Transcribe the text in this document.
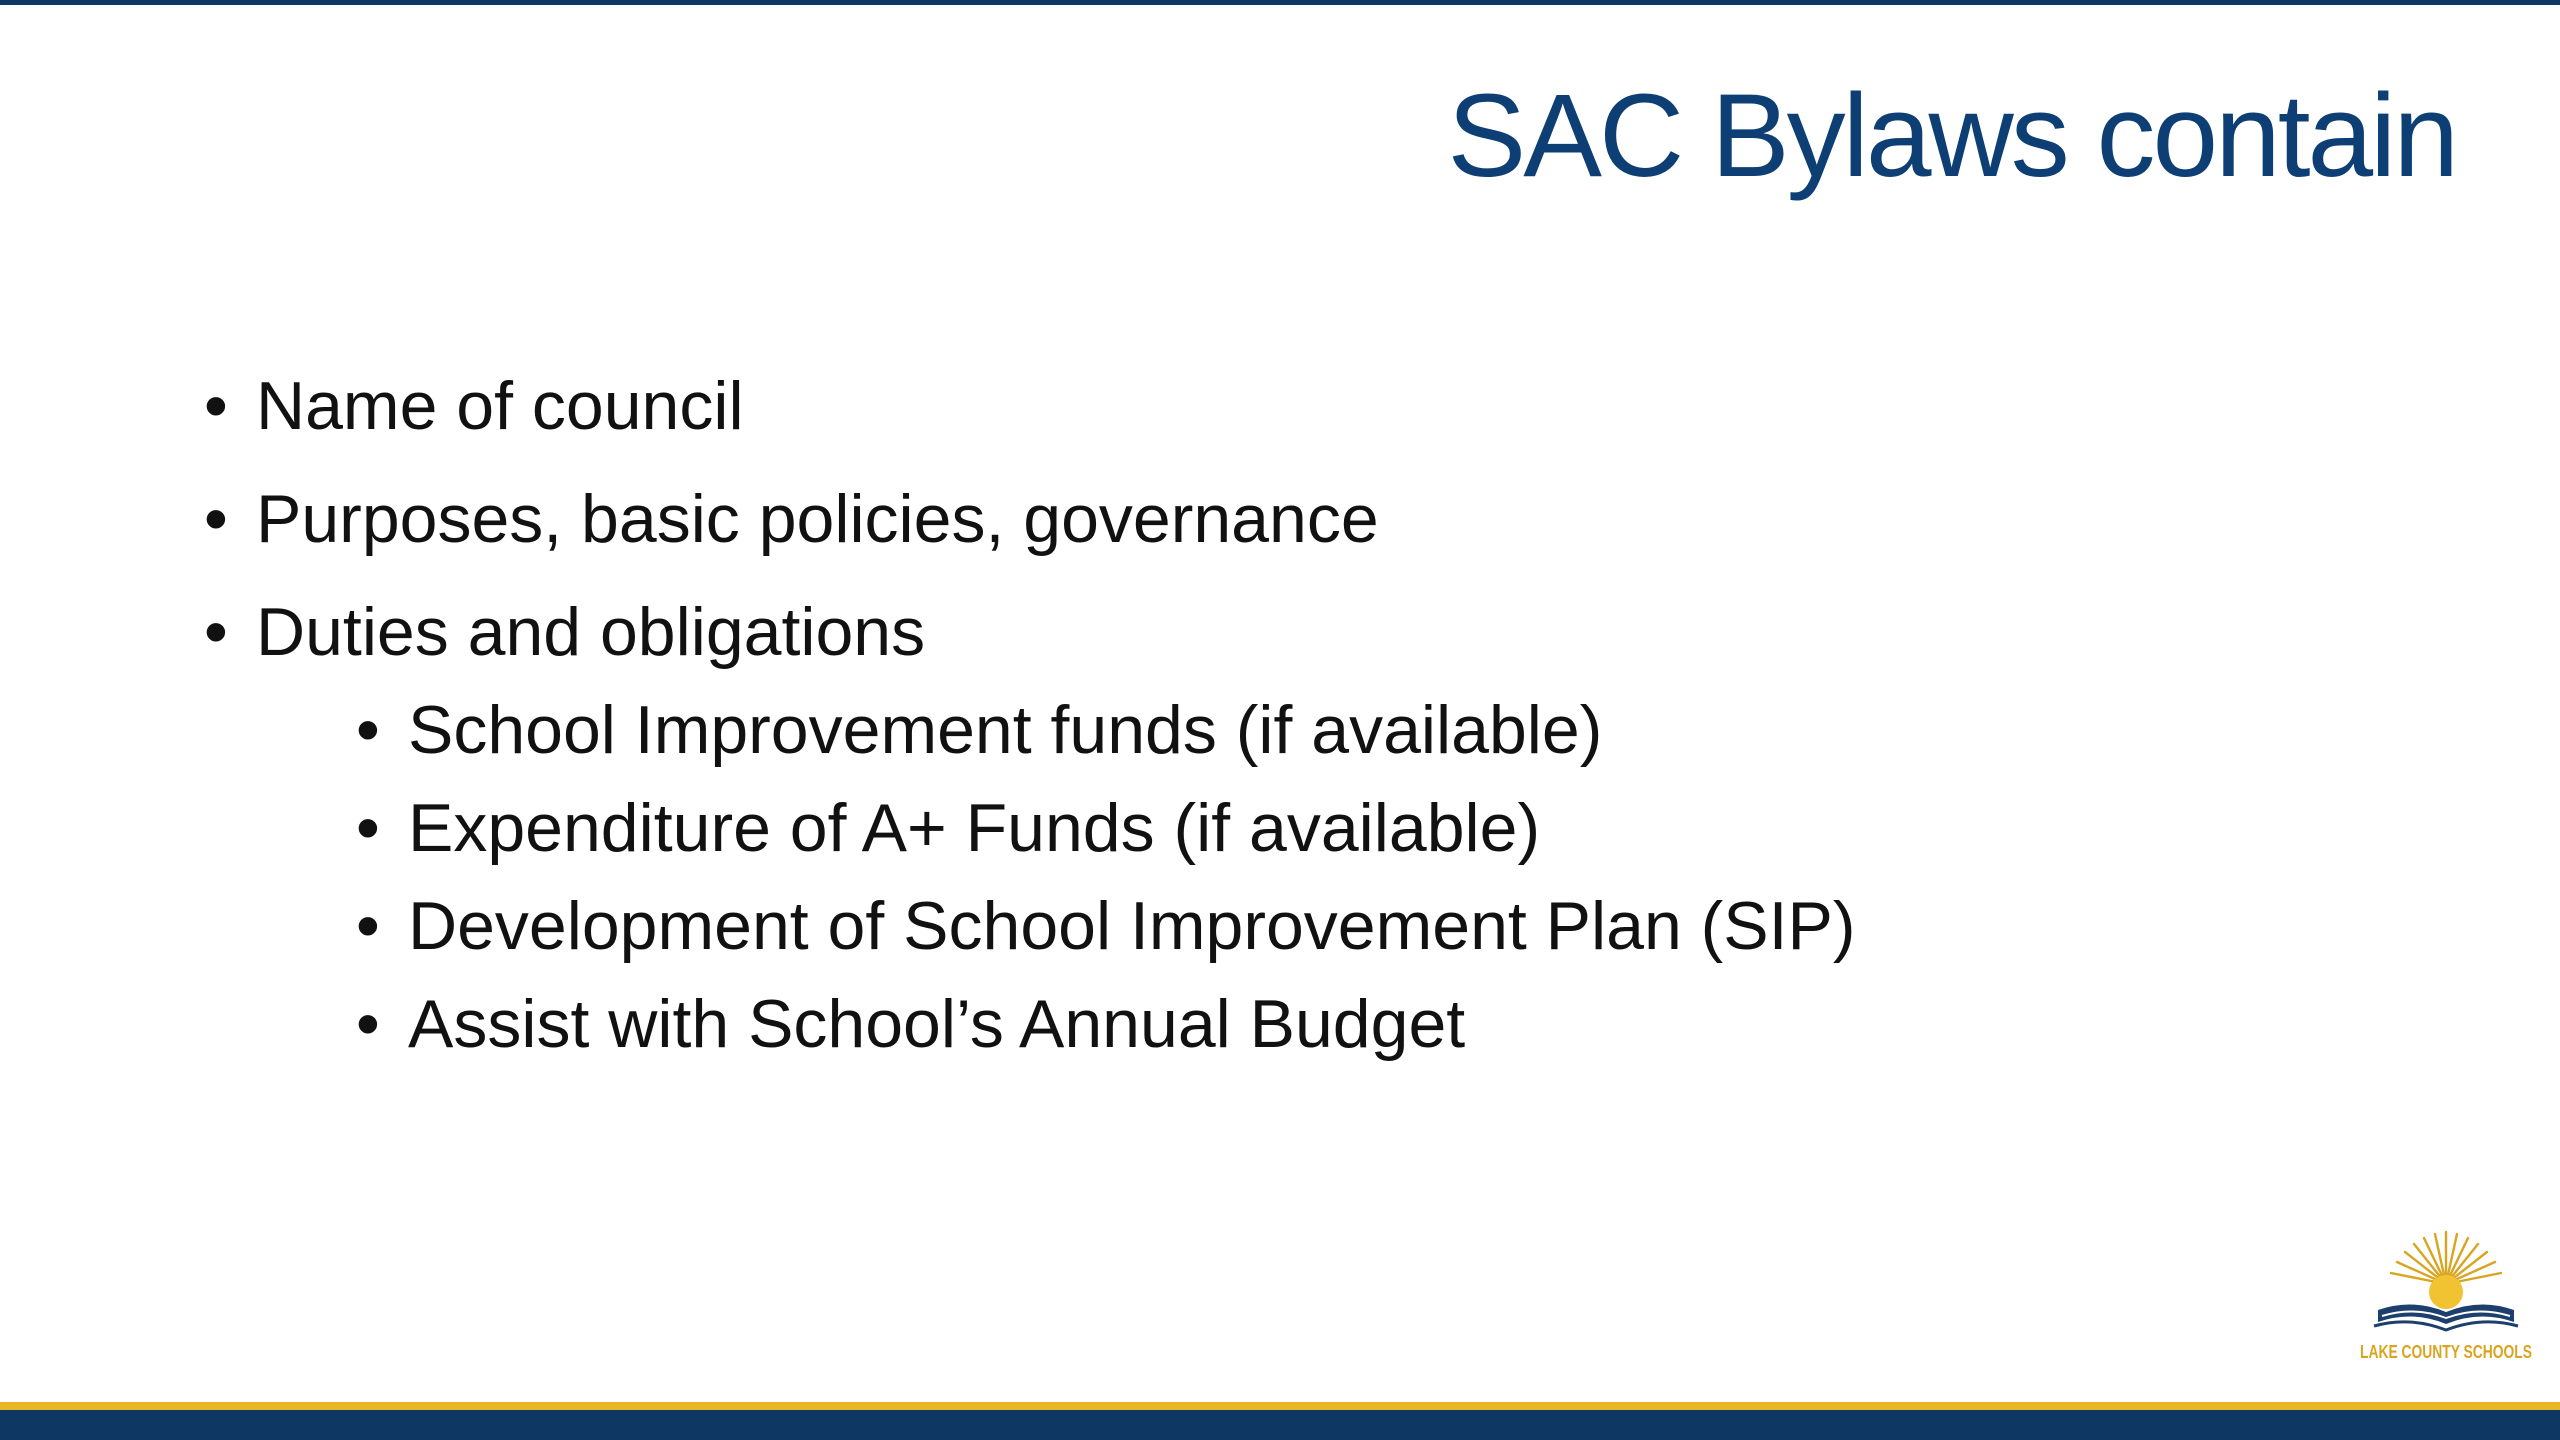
SAC Bylaws contain
• Name of council
• Purposes, basic policies, governance
• Duties and obligations
• School Improvement funds (if available)
• Expenditure of A+ Funds (if available)
• Development of School Improvement Plan (SIP)
• Assist with School’s Annual Budget
LAKE COUNTY SCHOOLS
